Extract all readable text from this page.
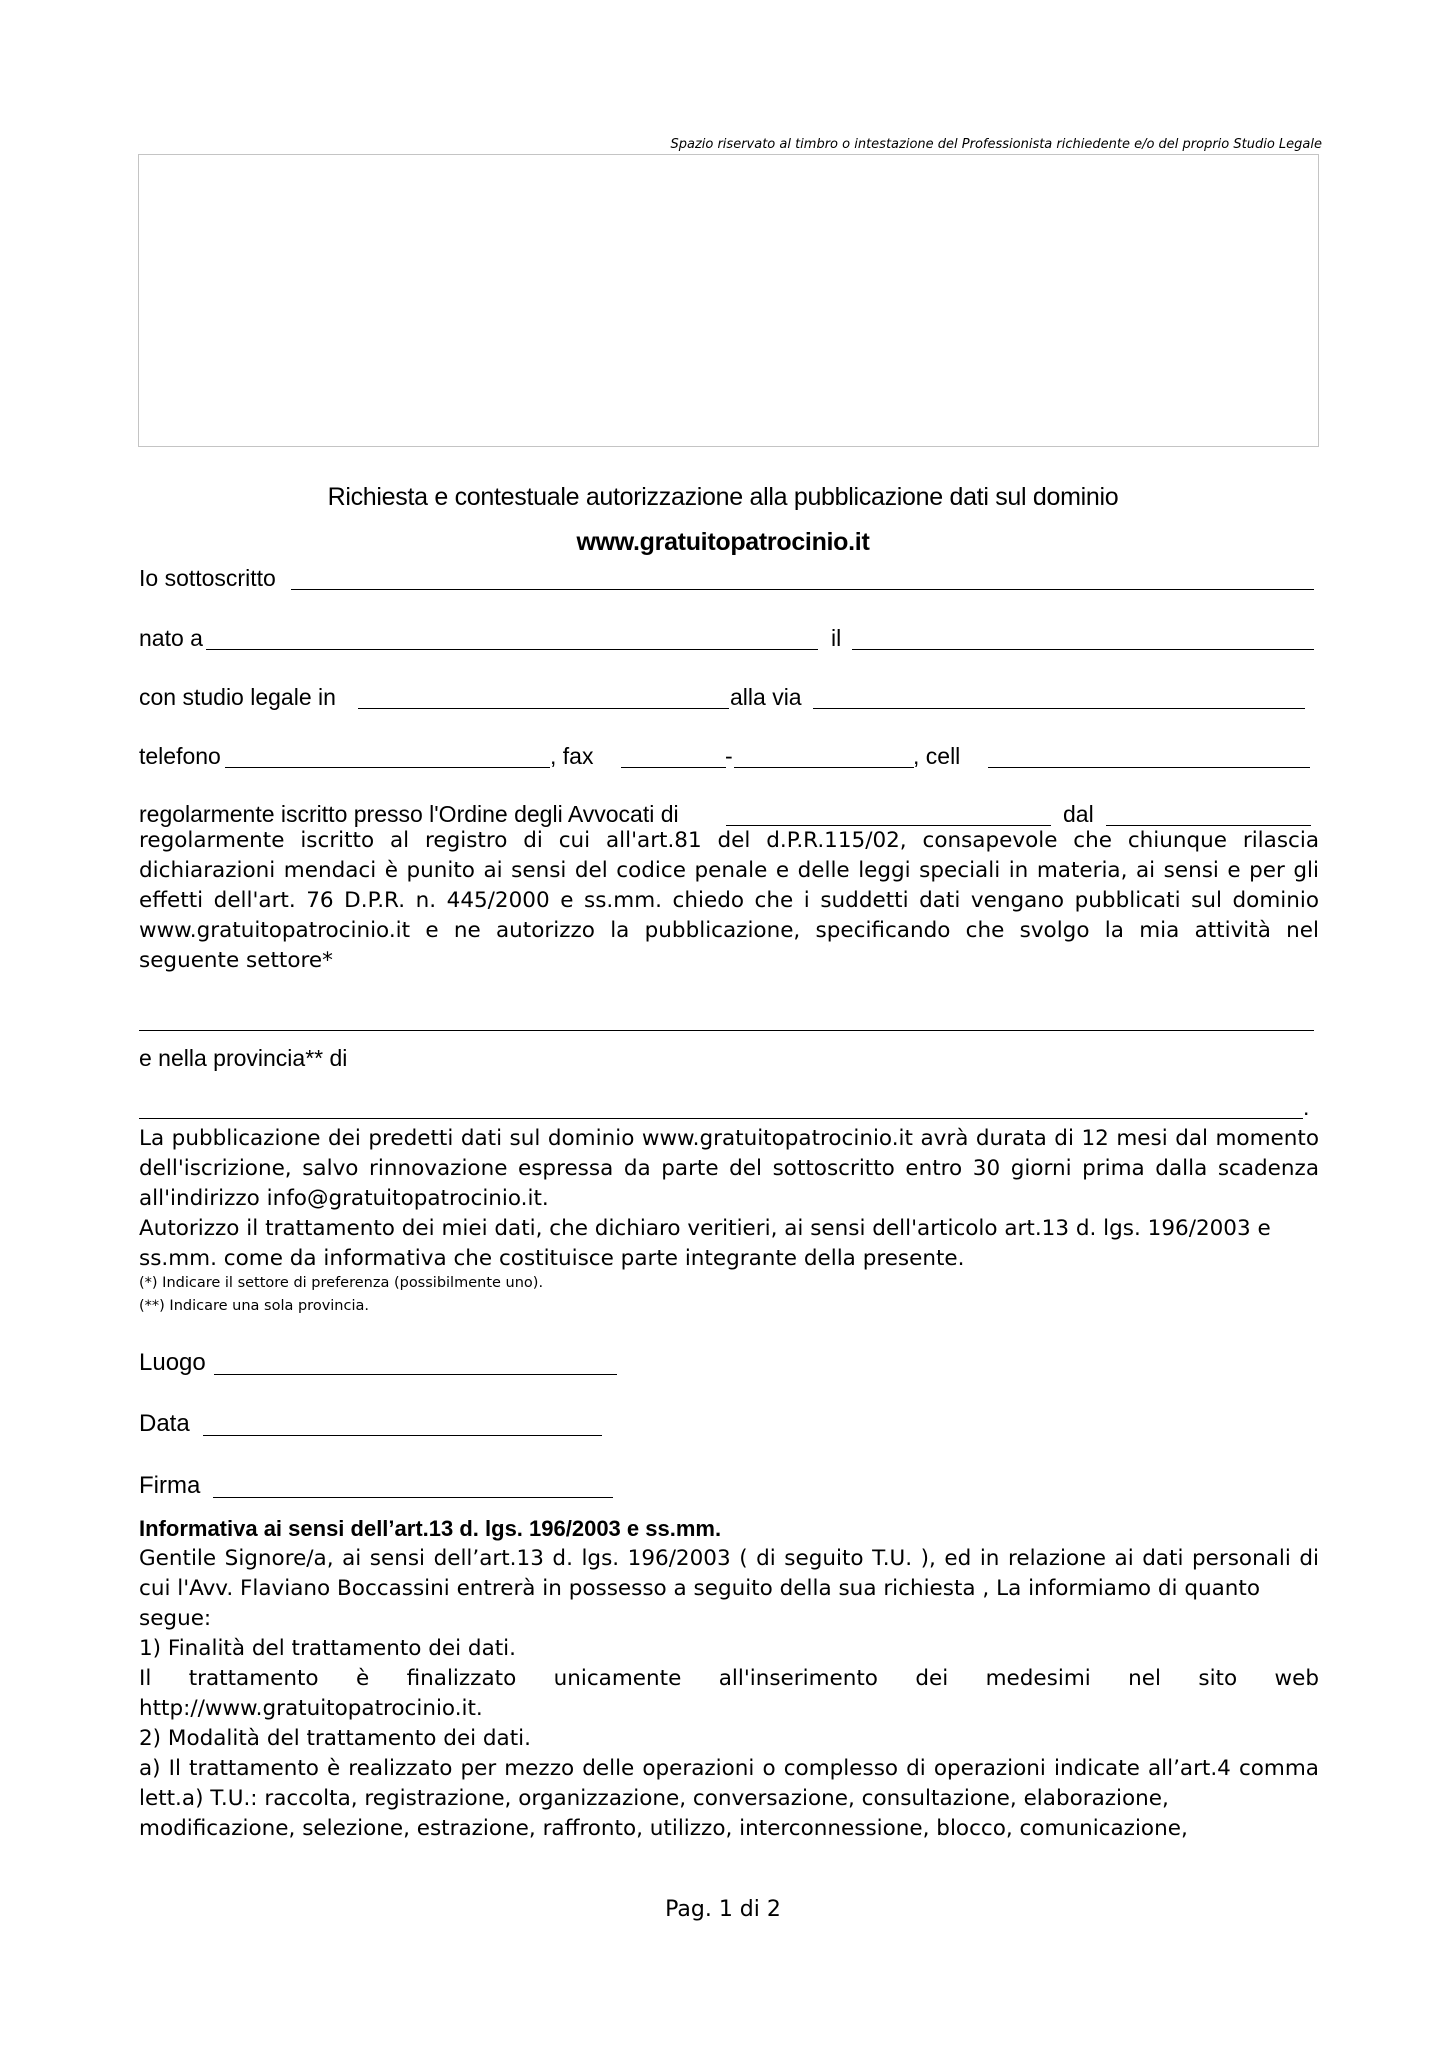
Spazio riservato al timbro o intestazione del Professionista richiedente e/o del proprio Studio Legale
Richiesta e contestuale autorizzazione alla pubblicazione dati sul dominio
www.gratuitopatrocinio.it
Io sottoscritto
nato a	il
con studio legale in	alla via
telefono	, fax	-	, cell
regolarmente iscritto presso l'Ordine degli Avvocati di	dal
regolarmente iscritto al registro di cui all'art.81 del d.P.R.115/02, consapevole che chiunque rilascia
dichiarazioni mendaci è punito ai sensi del codice penale e delle leggi speciali in materia, ai sensi e per gli
effetti dell'art. 76 D.P.R. n. 445/2000 e ss.mm. chiedo che i suddetti dati vengano pubblicati sul dominio
www.gratuitopatrocinio.it e ne autorizzo la pubblicazione, specificando che svolgo la mia attività nel
seguente settore*
e nella provincia** di
.
La pubblicazione dei predetti dati sul dominio www.gratuitopatrocinio.it avrà durata di 12 mesi dal momento
dell'iscrizione, salvo rinnovazione espressa da parte del sottoscritto entro 30 giorni prima dalla scadenza
all'indirizzo info@gratuitopatrocinio.it.
Autorizzo il trattamento dei miei dati, che dichiaro veritieri, ai sensi dell'articolo art.13 d. lgs. 196/2003 e
ss.mm. come da informativa che costituisce parte integrante della presente.
(*) Indicare il settore di preferenza (possibilmente uno).
(**) Indicare una sola provincia.
Luogo
Data
Firma
Informativa ai sensi dell’art.13 d. lgs. 196/2003 e ss.mm.
Gentile Signore/a, ai sensi dell’art.13 d. lgs. 196/2003 ( di seguito T.U. ), ed in relazione ai dati personali di
cui l'Avv. Flaviano Boccassini entrerà in possesso a seguito della sua richiesta , La informiamo di quanto
segue:
1) Finalità del trattamento dei dati.
Il trattamento è finalizzato unicamente all'inserimento dei medesimi nel sito web
http://www.gratuitopatrocinio.it.
2) Modalità del trattamento dei dati.
a) Il trattamento è realizzato per mezzo delle operazioni o complesso di operazioni indicate all’art.4 comma
lett.a) T.U.: raccolta, registrazione, organizzazione, conversazione, consultazione, elaborazione,
modificazione, selezione, estrazione, raffronto, utilizzo, interconnessione, blocco, comunicazione,
Pag. 1 di 2
